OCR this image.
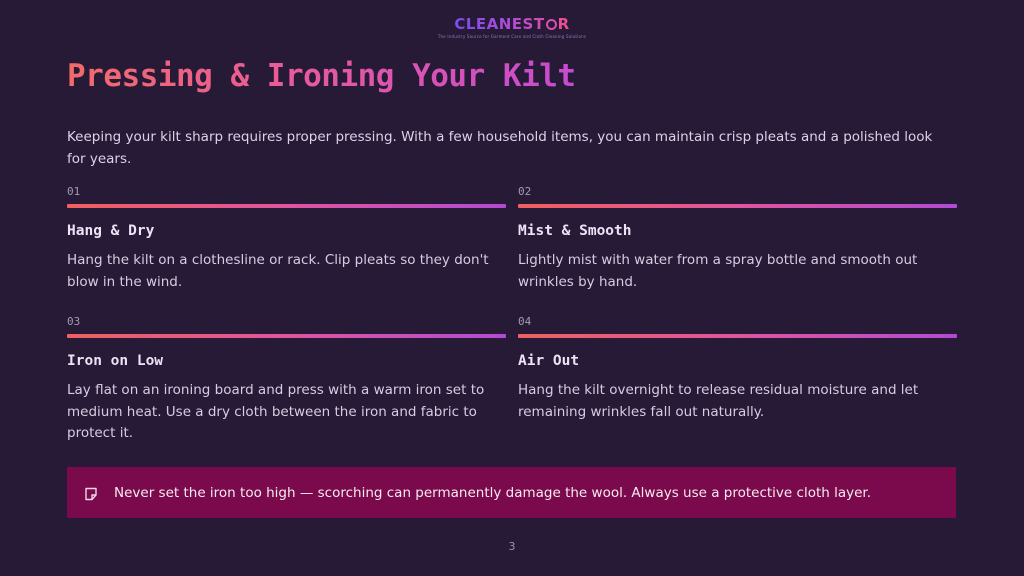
CLEANEST R
The Industry Source for Garment Care and Cloth Cleaning Solutions
Pressing & Ironing Your Kilt

Keeping your kilt sharp requires proper pressing. With a few household items, you can maintain crisp pleats and a polished look for years.

01
Hang & Dry
Hang the kilt on a clothesline or rack. Clip pleats so they don't blow in the wind.
02
Mist & Smooth
Lightly mist with water from a spray bottle and smooth out wrinkles by hand.
03
Iron on Low
Lay flat on an ironing board and press with a warm iron set to medium heat. Use a dry cloth between the iron and fabric to protect it.
04
Air Out
Hang the kilt overnight to release residual moisture and let remaining wrinkles fall out naturally.
Never set the iron too high — scorching can permanently damage the wool. Always use a protective cloth layer.
3
